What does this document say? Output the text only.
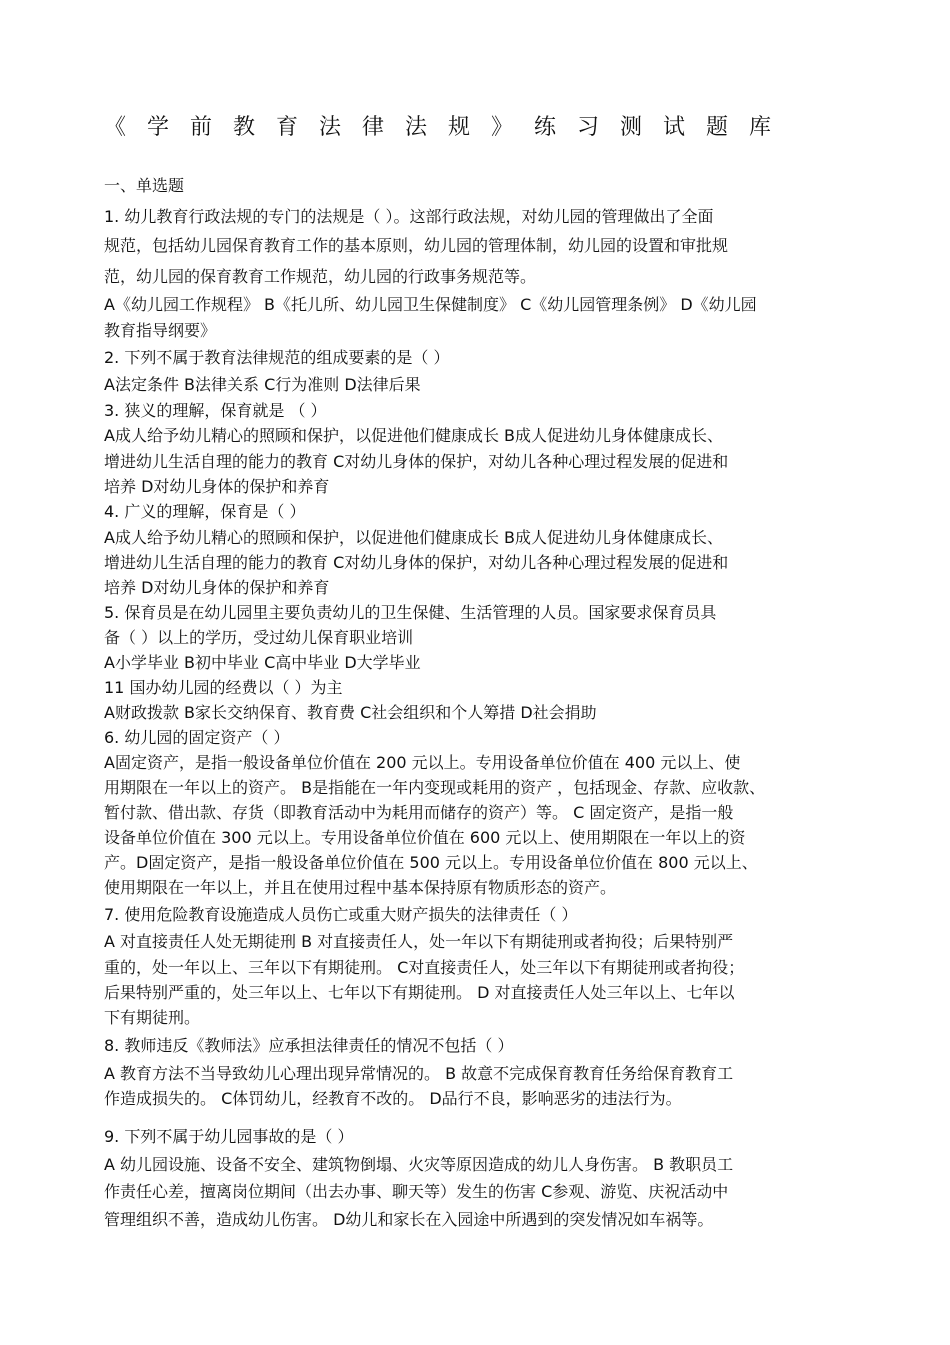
《学前教育法律法规》练习测试题库
一、单选题
1. 幼儿教育行政法规的专门的法规是（ ）。这部行政法规，对幼儿园的管理做出了全面
规范，包括幼儿园保育教育工作的基本原则，幼儿园的管理体制，幼儿园的设置和审批规
范，幼儿园的保育教育工作规范，幼儿园的行政事务规范等。
A《幼儿园工作规程》 B《托儿所、幼儿园卫生保健制度》 C《幼儿园管理条例》 D《幼儿园
教育指导纲要》
2. 下列不属于教育法律规范的组成要素的是（ ）
A法定条件 B法律关系 C行为准则 D法律后果
3. 狭义的理解，保育就是 （ ）
A成人给予幼儿精心的照顾和保护，以促进他们健康成长 B成人促进幼儿身体健康成长、
增进幼儿生活自理的能力的教育 C对幼儿身体的保护，对幼儿各种心理过程发展的促进和
培养 D对幼儿身体的保护和养育
4. 广义的理解，保育是（ ）
A成人给予幼儿精心的照顾和保护，以促进他们健康成长 B成人促进幼儿身体健康成长、
增进幼儿生活自理的能力的教育 C对幼儿身体的保护，对幼儿各种心理过程发展的促进和
培养 D对幼儿身体的保护和养育
5. 保育员是在幼儿园里主要负责幼儿的卫生保健、生活管理的人员。国家要求保育员具
备（ ）以上的学历，受过幼儿保育职业培训
A小学毕业 B初中毕业 C高中毕业 D大学毕业
11 国办幼儿园的经费以（ ）为主
A财政拨款 B家长交纳保育、教育费 C社会组织和个人筹措 D社会捐助
6. 幼儿园的固定资产（ ）
A固定资产，是指一般设备单位价值在 200 元以上。专用设备单位价值在 400 元以上、使
用期限在一年以上的资产。 B是指能在一年内变现或耗用的资产 ，包括现金、存款、应收款、
暂付款、借出款、存货（即教育活动中为耗用而储存的资产）等。 C 固定资产，是指一般
设备单位价值在 300 元以上。专用设备单位价值在 600 元以上、使用期限在一年以上的资
产。D固定资产，是指一般设备单位价值在 500 元以上。专用设备单位价值在 800 元以上、
使用期限在一年以上，并且在使用过程中基本保持原有物质形态的资产。
7. 使用危险教育设施造成人员伤亡或重大财产损失的法律责任（ ）
A 对直接责任人处无期徒刑 B 对直接责任人，处一年以下有期徒刑或者拘役；后果特别严
重的，处一年以上、三年以下有期徒刑。 C对直接责任人，处三年以下有期徒刑或者拘役；
后果特别严重的，处三年以上、七年以下有期徒刑。 D 对直接责任人处三年以上、七年以
下有期徒刑。
8. 教师违反《教师法》应承担法律责任的情况不包括（ ）
A 教育方法不当导致幼儿心理出现异常情况的。 B 故意不完成保育教育任务给保育教育工
作造成损失的。 C体罚幼儿，经教育不改的。 D品行不良，影响恶劣的违法行为。
9. 下列不属于幼儿园事故的是（ ）
A 幼儿园设施、设备不安全、建筑物倒塌、火灾等原因造成的幼儿人身伤害。 B 教职员工
作责任心差，擅离岗位期间（出去办事、聊天等）发生的伤害 C参观、游览、庆祝活动中
管理组织不善，造成幼儿伤害。 D幼儿和家长在入园途中所遇到的突发情况如车祸等。
